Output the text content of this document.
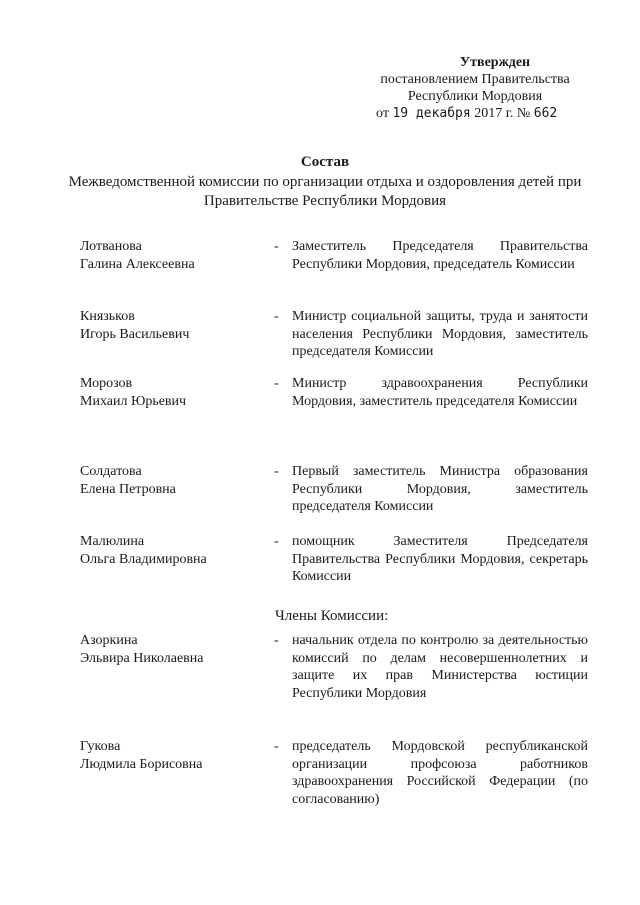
Утвержден
постановлением Правительства
Республики Мордовия
от 19 декабря 2017 г. № 662
Состав
Межведомственной комиссии по организации отдыха и оздоровления детей при Правительстве Республики Мордовия
Лотванова
Галина Алексеевна
- Заместитель Председателя Правительства Республики Мордовия, председатель Комиссии
Князьков
Игорь Васильевич
- Министр социальной защиты, труда и занятости населения Республики Мордовия, заместитель председателя Комиссии
Морозов
Михаил Юрьевич
- Министр здравоохранения Республики Мордовия, заместитель председателя Комиссии
Солдатова
Елена Петровна
- Первый заместитель Министра образования Республики Мордовия, заместитель председателя Комиссии
Малюлина
Ольга Владимировна
- помощник Заместителя Председателя Правительства Республики Мордовия, секретарь Комиссии
Члены Комиссии:
Азоркина
Эльвира Николаевна
- начальник отдела по контролю за деятельностью комиссий по делам несовершеннолетних и защите их прав Министерства юстиции Республики Мордовия
Гукова
Людмила Борисовна
- председатель Мордовской республиканской организации профсоюза работников здравоохранения Российской Федерации (по согласованию)
